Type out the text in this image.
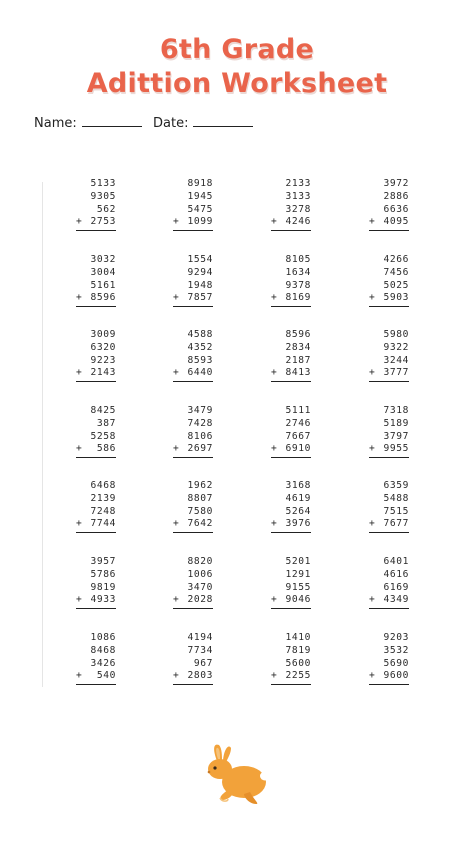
6th Grade
Adittion Worksheet
Name:	Date:
5133
9305
562
+ 2753
8918
1945
5475
+ 1099
2133
3133
3278
+ 4246
3972
2886
6636
+ 4095
3032
3004
5161
+ 8596
1554
9294
1948
+ 7857
8105
1634
9378
+ 8169
4266
7456
5025
+ 5903
3009
6320
9223
+ 2143
4588
4352
8593
+ 6440
8596
2834
2187
+ 8413
5980
9322
3244
+ 3777
8425
387
5258
+ 586
3479
7428
8106
+ 2697
5111
2746
7667
+ 6910
7318
5189
3797
+ 9955
6468
2139
7248
+ 7744
1962
8807
7580
+ 7642
3168
4619
5264
+ 3976
6359
5488
7515
+ 7677
3957
5786
9819
+ 4933
8820
1006
3470
+ 2028
5201
1291
9155
+ 9046
6401
4616
6169
+ 4349
1086
8468
3426
+ 540
4194
7734
967
+ 2803
1410
7819
5600
+ 2255
9203
3532
5690
+ 9600
